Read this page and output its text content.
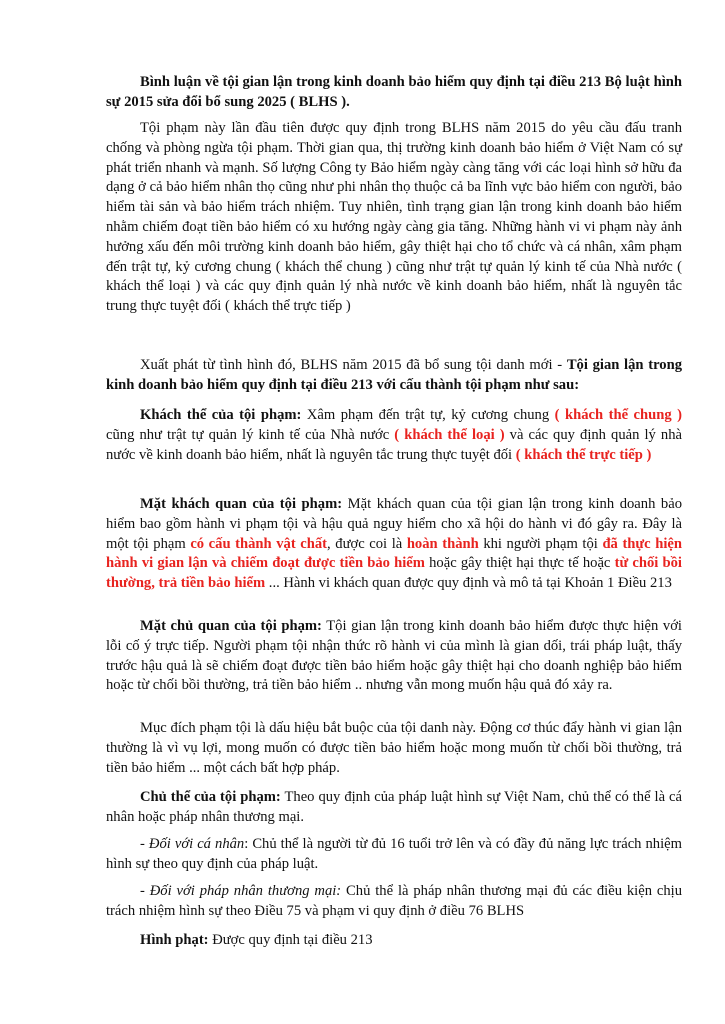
Bình luận về tội gian lận trong kinh doanh bảo hiểm quy định tại điều 213 Bộ luật hình sự 2015 sửa đổi bổ sung 2025 ( BLHS ).

Tội phạm này lần đầu tiên được quy định trong BLHS năm 2015 do yêu cầu đấu tranh chống và phòng ngừa tội phạm. Thời gian qua, thị trường kinh doanh bảo hiểm ở Việt Nam có sự phát triển nhanh và mạnh. Số lượng Công ty Bảo hiểm ngày càng tăng với các loại hình sở hữu đa dạng ở cả bảo hiểm nhân thọ cũng như phi nhân thọ thuộc cả ba lĩnh vực bảo hiểm con người, bảo hiểm tài sản và bảo hiểm trách nhiệm. Tuy nhiên, tình trạng gian lận trong kinh doanh bảo hiểm nhằm chiếm đoạt tiền bảo hiểm có xu hướng ngày càng gia tăng. Những hành vi vi phạm này ảnh hưởng xấu đến môi trường kinh doanh bảo hiểm, gây thiệt hại cho tổ chức và cá nhân, xâm phạm đến trật tự, kỷ cương chung ( khách thể chung ) cũng như trật tự quản lý kinh tế của Nhà nước ( khách thể loại ) và các quy định quản lý nhà nước về kinh doanh bảo hiểm, nhất là nguyên tắc trung thực tuyệt đối ( khách thể trực tiếp )

Xuất phát từ tình hình đó, BLHS năm 2015 đã bổ sung tội danh mới - Tội gian lận trong kinh doanh bảo hiểm quy định tại điều 213 với cấu thành tội phạm như sau:

Khách thể của tội phạm: Xâm phạm đến trật tự, kỷ cương chung ( khách thể chung ) cũng như trật tự quản lý kinh tế của Nhà nước ( khách thể loại ) và các quy định quản lý nhà nước về kinh doanh bảo hiểm, nhất là nguyên tắc trung thực tuyệt đối ( khách thể trực tiếp )

Mặt khách quan của tội phạm: Mặt khách quan của tội gian lận trong kinh doanh bảo hiểm bao gồm hành vi phạm tội và hậu quả nguy hiểm cho xã hội do hành vi đó gây ra. Đây là một tội phạm có cấu thành vật chất, được coi là hoàn thành khi người phạm tội đã thực hiện hành vi gian lận và chiếm đoạt được tiền bảo hiểm hoặc gây thiệt hại thực tế hoặc từ chối bồi thường, trả tiền bảo hiểm ... Hành vi khách quan được quy định và mô tả tại Khoản 1 Điều 213

Mặt chủ quan của tội phạm: Tội gian lận trong kinh doanh bảo hiểm được thực hiện với lỗi cố ý trực tiếp. Người phạm tội nhận thức rõ hành vi của mình là gian dối, trái pháp luật, thấy trước hậu quả là sẽ chiếm đoạt được tiền bảo hiểm hoặc gây thiệt hại cho doanh nghiệp bảo hiểm hoặc từ chối bồi thường, trả tiền bảo hiểm .. nhưng vẫn mong muốn hậu quả đó xảy ra.

Mục đích phạm tội là dấu hiệu bắt buộc của tội danh này. Động cơ thúc đẩy hành vi gian lận thường là vì vụ lợi, mong muốn có được tiền bảo hiểm hoặc mong muốn từ chối bồi thường, trả tiền bảo hiểm ... một cách bất hợp pháp.

Chủ thể của tội phạm: Theo quy định của pháp luật hình sự Việt Nam, chủ thể có thể là cá nhân hoặc pháp nhân thương mại.

- Đối với cá nhân: Chủ thể là người từ đủ 16 tuổi trở lên và có đầy đủ năng lực trách nhiệm hình sự theo quy định của pháp luật.

- Đối với pháp nhân thương mại: Chủ thể là pháp nhân thương mại đủ các điều kiện chịu trách nhiệm hình sự theo Điều 75 và phạm vi quy định ở điều 76 BLHS

Hình phạt: Được quy định tại điều 213
